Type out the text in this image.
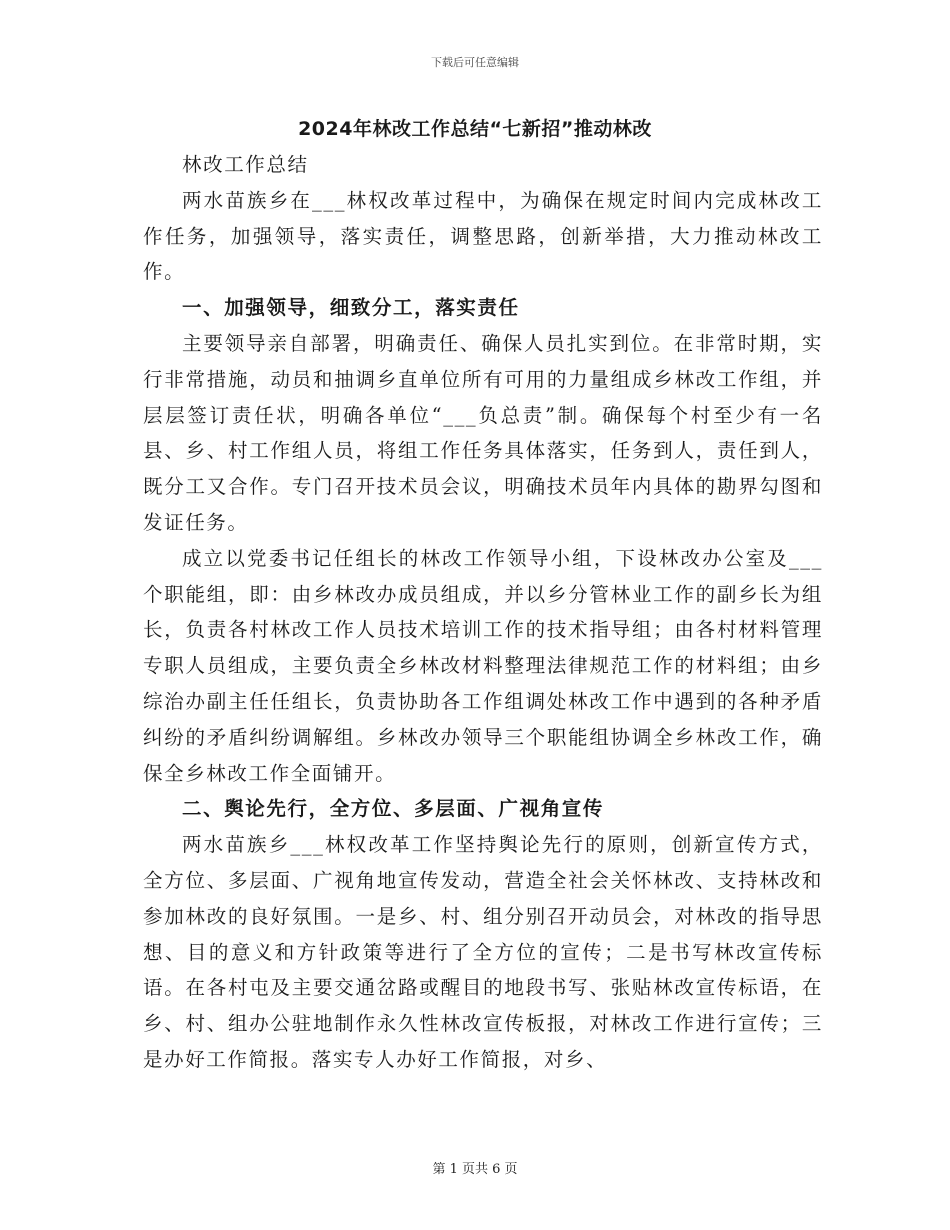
下载后可任意编辑
2024年林改工作总结“七新招”推动林改

林改工作总结

两水苗族乡在___林权改革过程中，为确保在规定时间内完成林改工作任务，加强领导，落实责任，调整思路，创新举措，大力推动林改工作。

一、加强领导，细致分工，落实责任

主要领导亲自部署，明确责任、确保人员扎实到位。在非常时期，实行非常措施，动员和抽调乡直单位所有可用的力量组成乡林改工作组，并层层签订责任状，明确各单位“___负总责”制。确保每个村至少有一名县、乡、村工作组人员，将组工作任务具体落实，任务到人，责任到人，既分工又合作。专门召开技术员会议，明确技术员年内具体的勘界勾图和发证任务。

成立以党委书记任组长的林改工作领导小组，下设林改办公室及___个职能组，即：由乡林改办成员组成，并以乡分管林业工作的副乡长为组长，负责各村林改工作人员技术培训工作的技术指导组；由各村材料管理专职人员组成，主要负责全乡林改材料整理法律规范工作的材料组；由乡综治办副主任任组长，负责协助各工作组调处林改工作中遇到的各种矛盾纠纷的矛盾纠纷调解组。乡林改办领导三个职能组协调全乡林改工作，确保全乡林改工作全面铺开。

二、舆论先行，全方位、多层面、广视角宣传

两水苗族乡___林权改革工作坚持舆论先行的原则，创新宣传方式，全方位、多层面、广视角地宣传发动，营造全社会关怀林改、支持林改和参加林改的良好氛围。一是乡、村、组分别召开动员会，对林改的指导思想、目的意义和方针政策等进行了全方位的宣传；二是书写林改宣传标语。在各村屯及主要交通岔路或醒目的地段书写、张贴林改宣传标语，在乡、村、组办公驻地制作永久性林改宣传板报，对林改工作进行宣传；三是办好工作简报。落实专人办好工作简报，对乡、

第 1 页共 6 页
